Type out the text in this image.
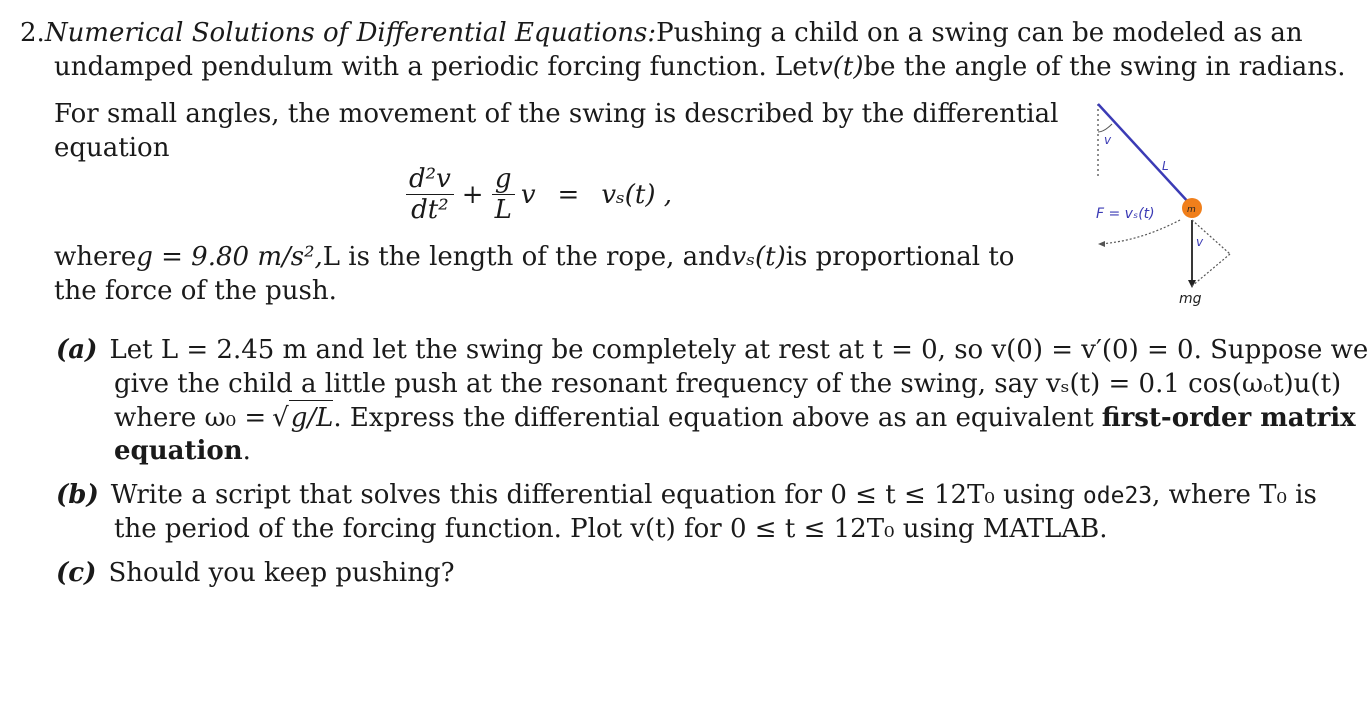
2. Numerical Solutions of Differential Equations: Pushing a child on a swing can be modeled as an
undamped pendulum with a periodic forcing function. Let v(t) be the angle of the swing in radians.
For small angles, the movement of the swing is described by the differential
equation
$\frac{\text{d²v}}{\text{dt²}} + \frac{g}{L}$ v = vₛ(t) ,
where g = 9.80 m/s², L is the length of the rope, and vₛ(t) is proportional to
the force of the push.
v
L
m
F = vₛ(t)
v
mg
(a) Let L = 2.45 m and let the swing be completely at rest at t = 0, so v(0) = v′(0) = 0. Suppose we
give the child a little push at the resonant frequency of the swing, say vₛ(t) = 0.1 cos(ωₒt)u(t)
where ω₀ = √ g/L . Express the differential equation above as an equivalent first-order matrix
equation.
(b) Write a script that solves this differential equation for 0 ≤ t ≤ 12T₀ using ode23 , where T₀ is
the period of the forcing function. Plot v(t) for 0 ≤ t ≤ 12T₀ using MATLAB.
(c) Should you keep pushing?
